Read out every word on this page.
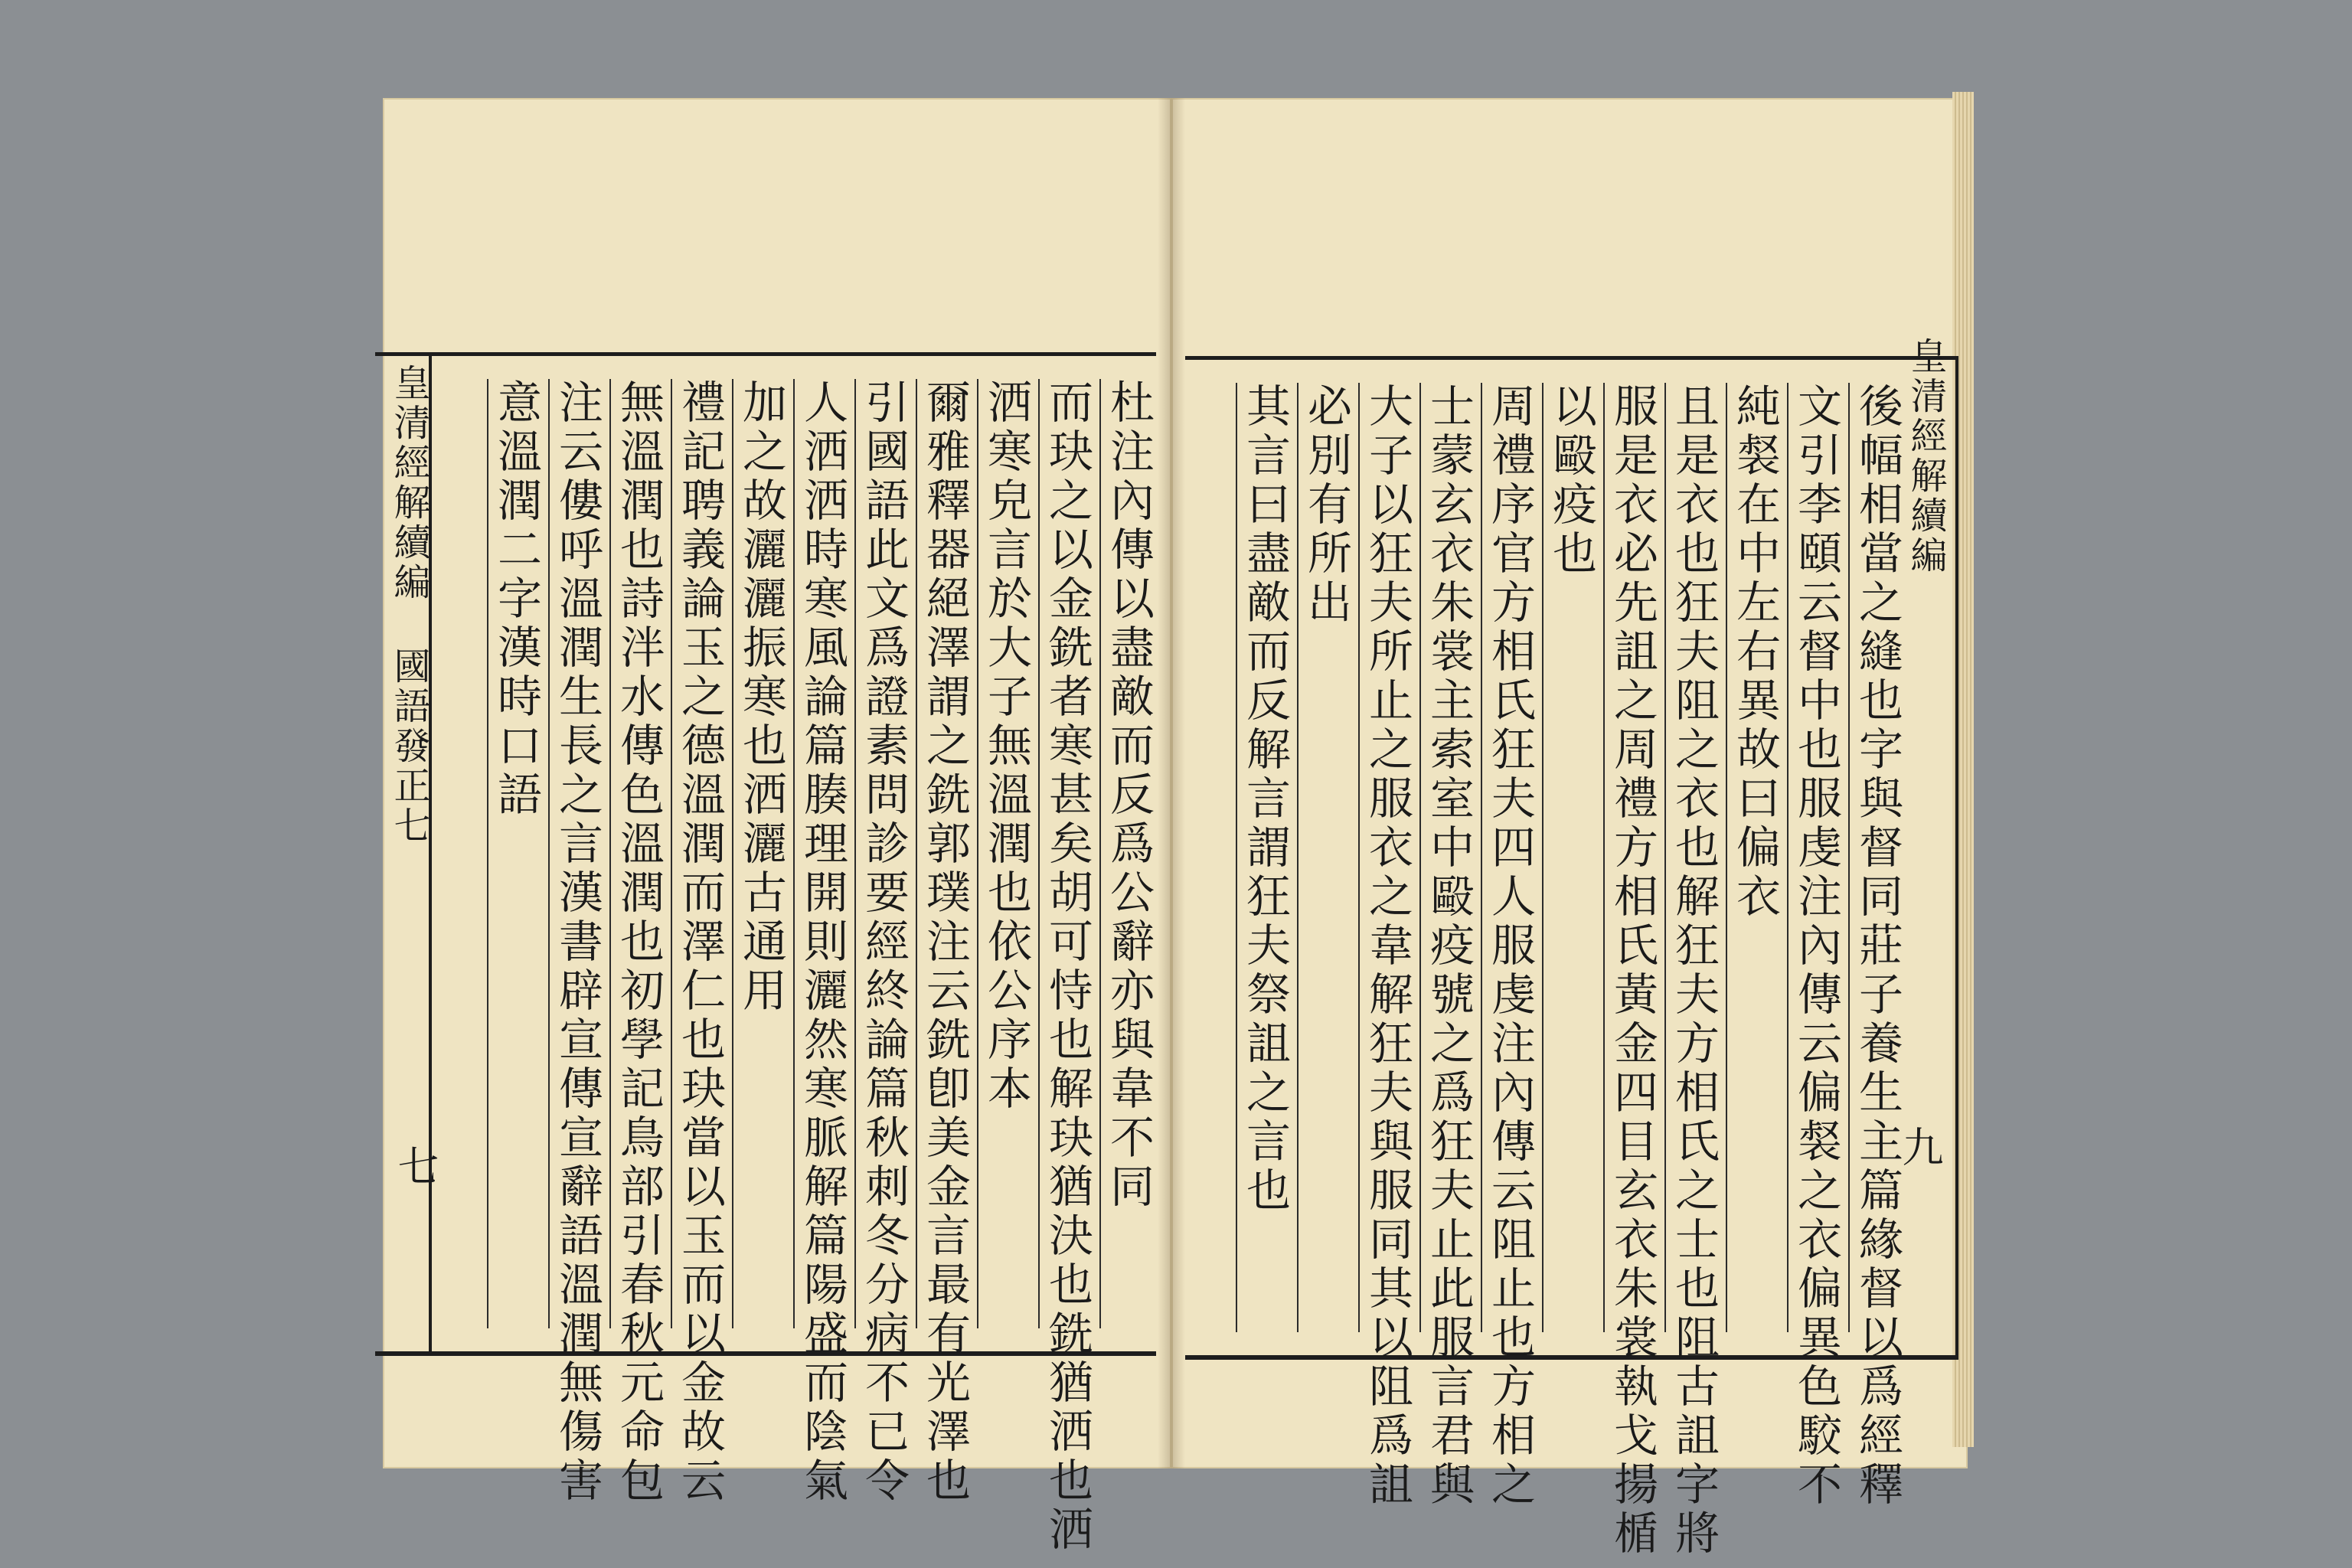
杜注內傳以盡敵而反爲公辭亦與韋不同
而玦之以金銑者寒甚矣胡可恃也解玦猶決也銑猶洒也洒
洒寒皃言於大子無溫潤也依公序本
爾雅釋器絕澤謂之銑郭璞注云銑卽美金言最有光澤也
引國語此文爲證素問診要經終論篇秋刺冬分病不已令
人洒洒時寒風論篇腠理開則灑然寒脈解篇陽盛而陰氣
加之故灑灑振寒也洒灑古通用
禮記聘義論玉之德溫潤而澤仁也玦當以玉而以金故云
無溫潤也詩泮水傳色溫潤也初學記鳥部引春秋元命包
注云僂呼溫潤生長之言漢書辟宣傳宣辭語溫潤無傷害
意溫潤二字漢時口語
皇清經解續編
國語發正七
七
皇清經解續編
九
後幅相當之縫也字與督同莊子養生主篇緣督以爲經釋
文引李頤云督中也服虔注內傳云偏裻之衣偏異色駮不
純裻在中左右異故曰偏衣
且是衣也狂夫阻之衣也解狂夫方相氏之士也阻古詛字將
服是衣必先詛之周禮方相氏黃金四目玄衣朱裳執戈揚楯
以毆疫也
周禮序官方相氏狂夫四人服虔注內傳云阻止也方相之
士蒙玄衣朱裳主索室中毆疫號之爲狂夫止此服言君與
大子以狂夫所止之服衣之韋解狂夫與服同其以阻爲詛
必別有所出
其言曰盡敵而反解言謂狂夫祭詛之言也
